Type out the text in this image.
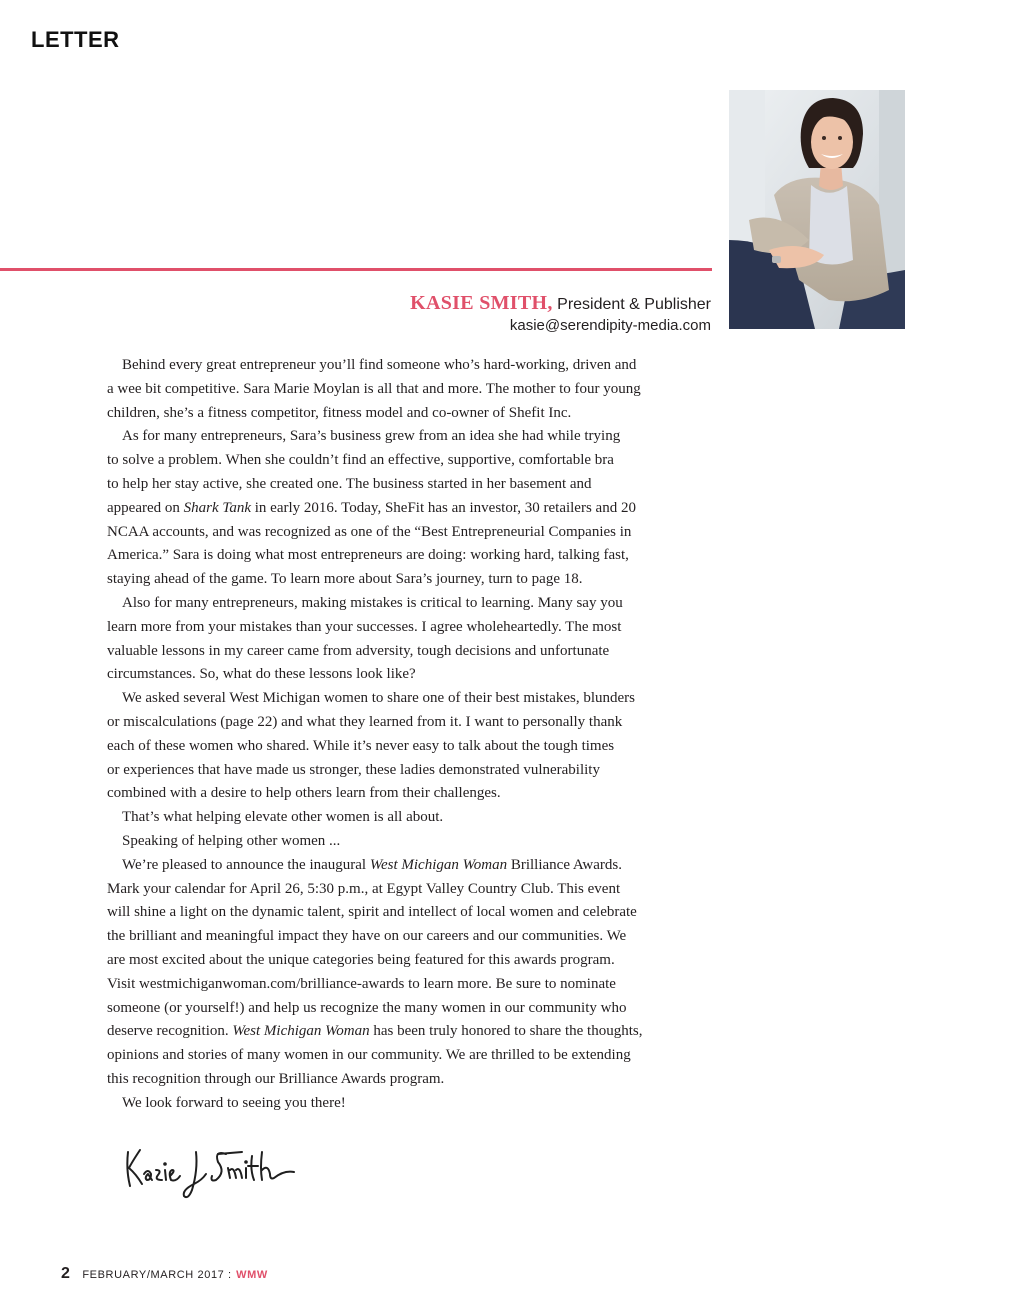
LETTER
KASIE SMITH, President & Publisher
kasie@serendipity-media.com
Behind every great entrepreneur you’ll find someone who’s hard-working, driven and
a wee bit competitive. Sara Marie Moylan is all that and more. The mother to four young
children, she’s a fitness competitor, fitness model and co-owner of Shefit Inc.
As for many entrepreneurs, Sara’s business grew from an idea she had while trying
to solve a problem. When she couldn’t find an effective, supportive, comfortable bra
to help her stay active, she created one. The business started in her basement and
appeared on Shark Tank in early 2016. Today, SheFit has an investor, 30 retailers and 20
NCAA accounts, and was recognized as one of the “Best Entrepreneurial Companies in
America.” Sara is doing what most entrepreneurs are doing: working hard, talking fast,
staying ahead of the game. To learn more about Sara’s journey, turn to page 18.
Also for many entrepreneurs, making mistakes is critical to learning. Many say you
learn more from your mistakes than your successes. I agree wholeheartedly. The most
valuable lessons in my career came from adversity, tough decisions and unfortunate
circumstances. So, what do these lessons look like?
We asked several West Michigan women to share one of their best mistakes, blunders
or miscalculations (page 22) and what they learned from it. I want to personally thank
each of these women who shared. While it’s never easy to talk about the tough times
or experiences that have made us stronger, these ladies demonstrated vulnerability
combined with a desire to help others learn from their challenges.
That’s what helping elevate other women is all about.
Speaking of helping other women ...
We’re pleased to announce the inaugural West Michigan Woman Brilliance Awards.
Mark your calendar for April 26, 5:30 p.m., at Egypt Valley Country Club. This event
will shine a light on the dynamic talent, spirit and intellect of local women and celebrate
the brilliant and meaningful impact they have on our careers and our communities. We
are most excited about the unique categories being featured for this awards program.
Visit westmichiganwoman.com/brilliance-awards to learn more. Be sure to nominate
someone (or yourself!) and help us recognize the many women in our community who
deserve recognition. West Michigan Woman has been truly honored to share the thoughts,
opinions and stories of many women in our community. We are thrilled to be extending
this recognition through our Brilliance Awards program.
We look forward to seeing you there!
2 FEBRUARY/MARCH 2017 : WMW
